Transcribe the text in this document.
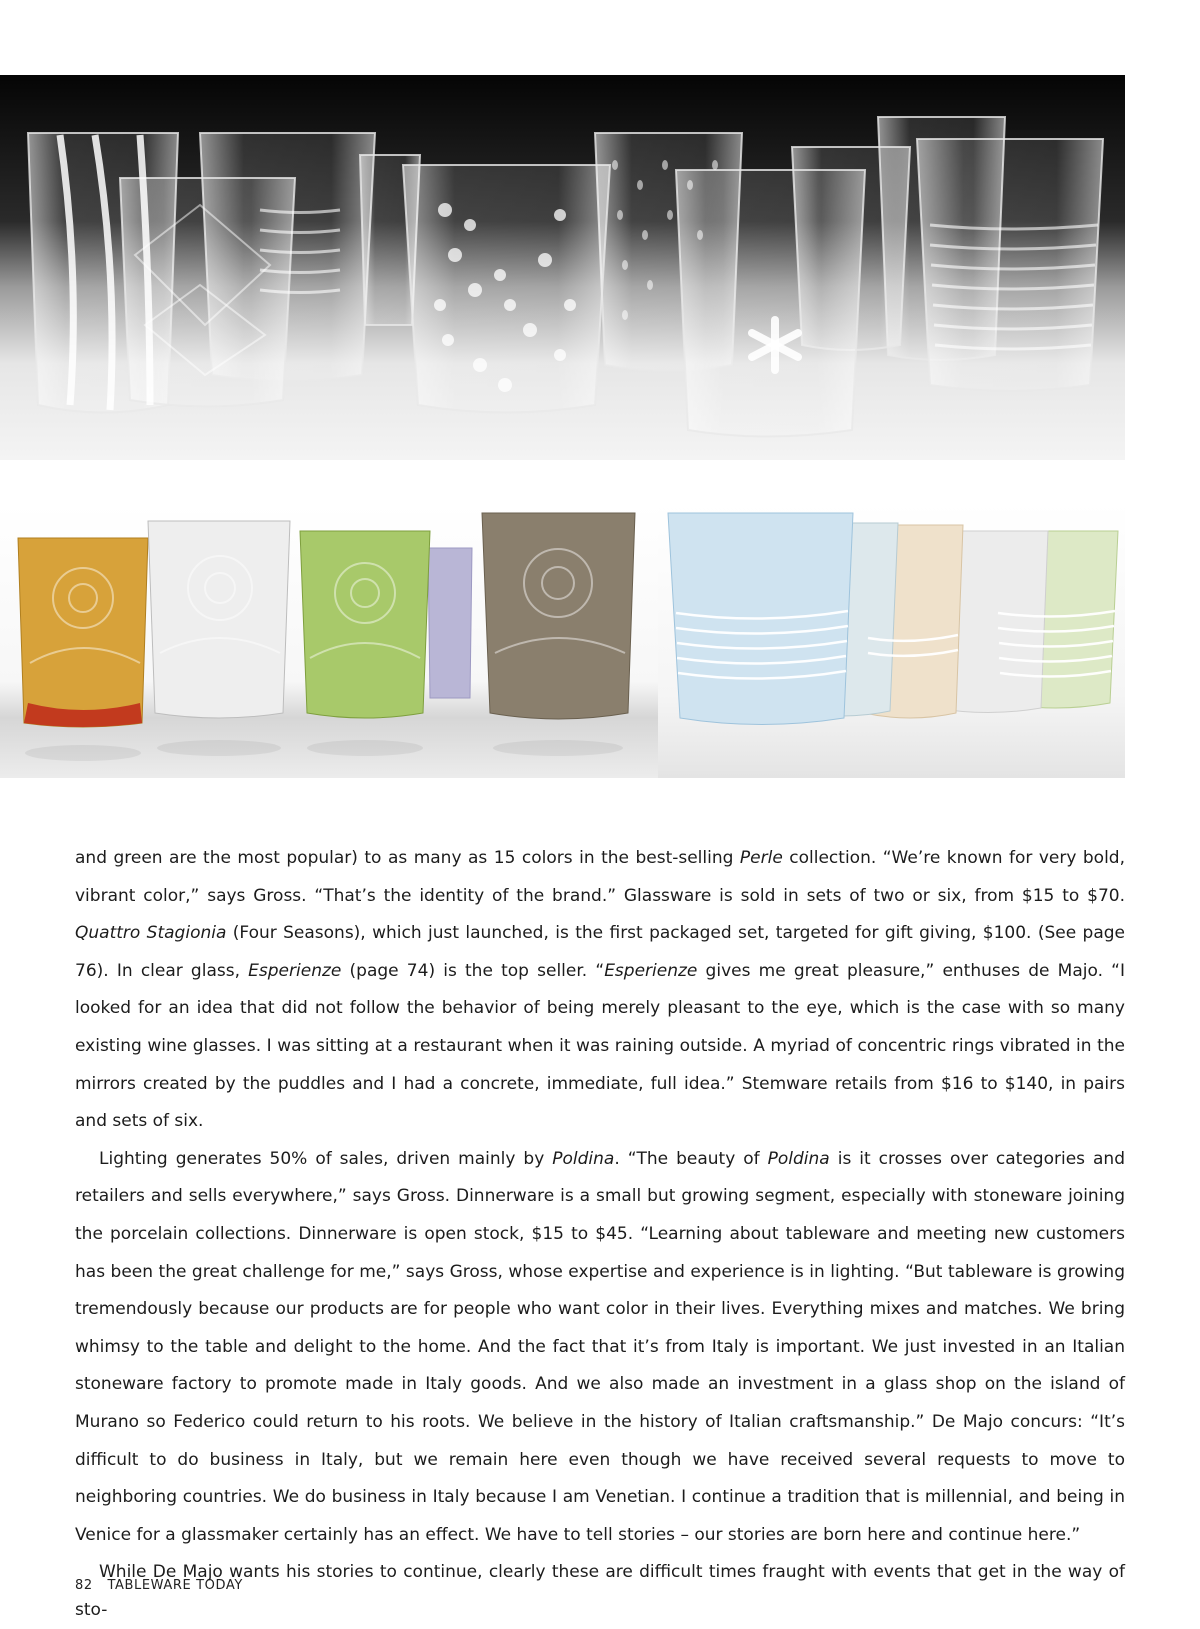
and green are the most popular) to as many as 15 colors in the best-selling Perle collection. “We’re known for very bold, vibrant color,” says Gross. “That’s the identity of the brand.” Glassware is sold in sets of two or six, from $15 to $70. Quattro Stagionia (Four Seasons), which just launched, is the first packaged set, targeted for gift giving, $100. (See page 76). In clear glass, Esperienze (page 74) is the top seller. “Esperienze gives me great pleasure,” enthuses de Majo. “I looked for an idea that did not follow the behavior of being merely pleasant to the eye, which is the case with so many existing wine glasses. I was sitting at a restaurant when it was raining outside. A myriad of concentric rings vibrated in the mirrors created by the puddles and I had a concrete, immediate, full idea.” Stemware retails from $16 to $140, in pairs and sets of six.

Lighting generates 50% of sales, driven mainly by Poldina. “The beauty of Poldina is it crosses over categories and retailers and sells everywhere,” says Gross. Dinnerware is a small but growing segment, especially with stoneware joining the porcelain collections. Dinnerware is open stock, $15 to $45. “Learning about tableware and meeting new customers has been the great challenge for me,” says Gross, whose expertise and experience is in lighting. “But tableware is growing tremendously because our products are for people who want color in their lives. Everything mixes and matches. We bring whimsy to the table and delight to the home. And the fact that it’s from Italy is important. We just invested in an Italian stoneware factory to promote made in Italy goods. And we also made an investment in a glass shop on the island of Murano so Federico could return to his roots. We believe in the history of Italian craftsmanship.” De Majo concurs: “It’s difficult to do business in Italy, but we remain here even though we have received several requests to move to neighboring countries. We do business in Italy because I am Venetian. I continue a tradition that is millennial, and being in Venice for a glassmaker certainly has an effect. We have to tell stories – our stories are born here and continue here.”

While De Majo wants his stories to continue, clearly these are difficult times fraught with events that get in the way of sto-

82 TABLEWARE TODAY
